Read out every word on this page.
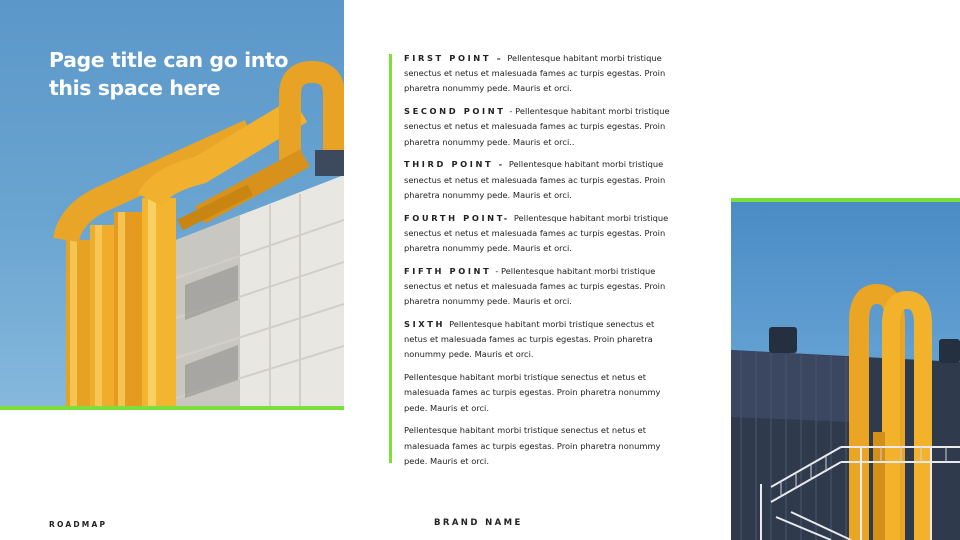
Page title can go into this space here

FIRST POINT – Pellentesque habitant morbi tristique senectus et netus et malesuada fames ac turpis egestas. Proin pharetra nonummy pede. Mauris et orci.

SECOND POINT - Pellentesque habitant morbi tristique senectus et netus et malesuada fames ac turpis egestas. Proin pharetra nonummy pede. Mauris et orci..

THIRD POINT - Pellentesque habitant morbi tristique senectus et netus et malesuada fames ac turpis egestas. Proin pharetra nonummy pede. Mauris et orci.

FOURTH POINT- Pellentesque habitant morbi tristique senectus et netus et malesuada fames ac turpis egestas. Proin pharetra nonummy pede. Mauris et orci.

FIFTH POINT - Pellentesque habitant morbi tristique senectus et netus et malesuada fames ac turpis egestas. Proin pharetra nonummy pede. Mauris et orci.

SIXTH Pellentesque habitant morbi tristique senectus et netus et malesuada fames ac turpis egestas. Proin pharetra nonummy pede. Mauris et orci.

Pellentesque habitant morbi tristique senectus et netus et malesuada fames ac turpis egestas. Proin pharetra nonummy pede. Mauris et orci.

Pellentesque habitant morbi tristique senectus et netus et malesuada fames ac turpis egestas. Proin pharetra nonummy pede. Mauris et orci.

ROADMAP	BRAND NAME
